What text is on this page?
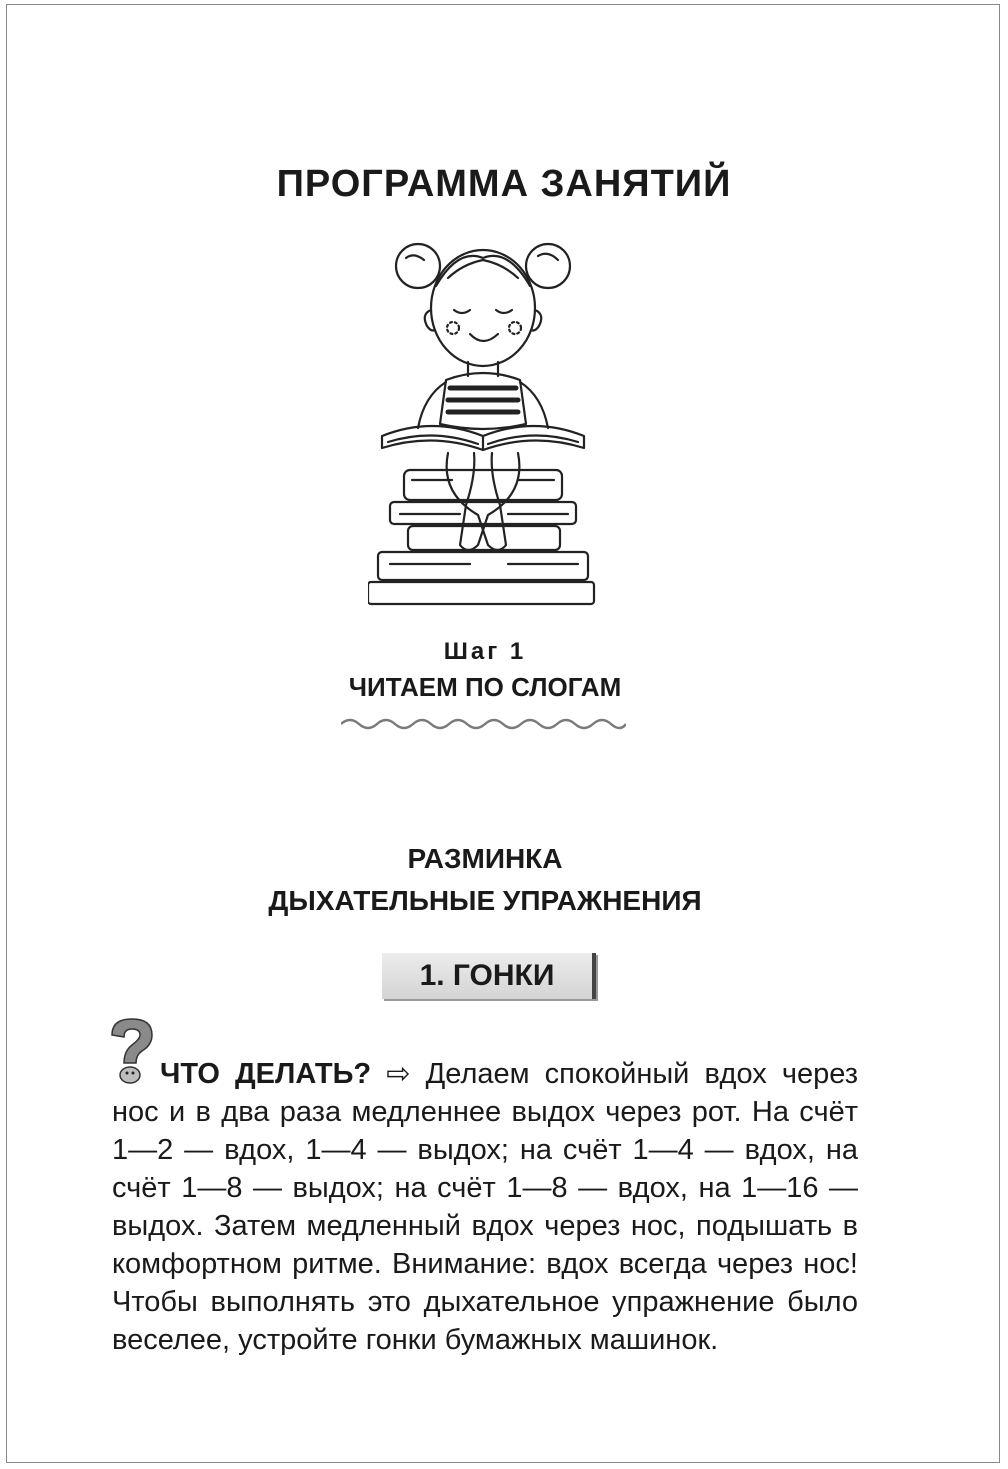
ПРОГРАММА ЗАНЯТИЙ
Шаг 1
ЧИТАЕМ ПО СЛОГАМ
РАЗМИНКА
ДЫХАТЕЛЬНЫЕ УПРАЖНЕНИЯ
1. ГОНКИ

ЧТО ДЕЛАТЬ? ⇨ Делаем спокойный вдох через нос и в два раза медленнее выдох через рот. На счёт 1—2 — вдох, 1—4 — выдох; на счёт 1—4 — вдох, на счёт 1—8 — выдох; на счёт 1—8 — вдох, на 1—16 — выдох. Затем медленный вдох через нос, подышать в комфортном ритме. Внимание: вдох всегда через нос! Чтобы выполнять это дыхательное упражнение было веселее, устройте гонки бумажных машинок.
